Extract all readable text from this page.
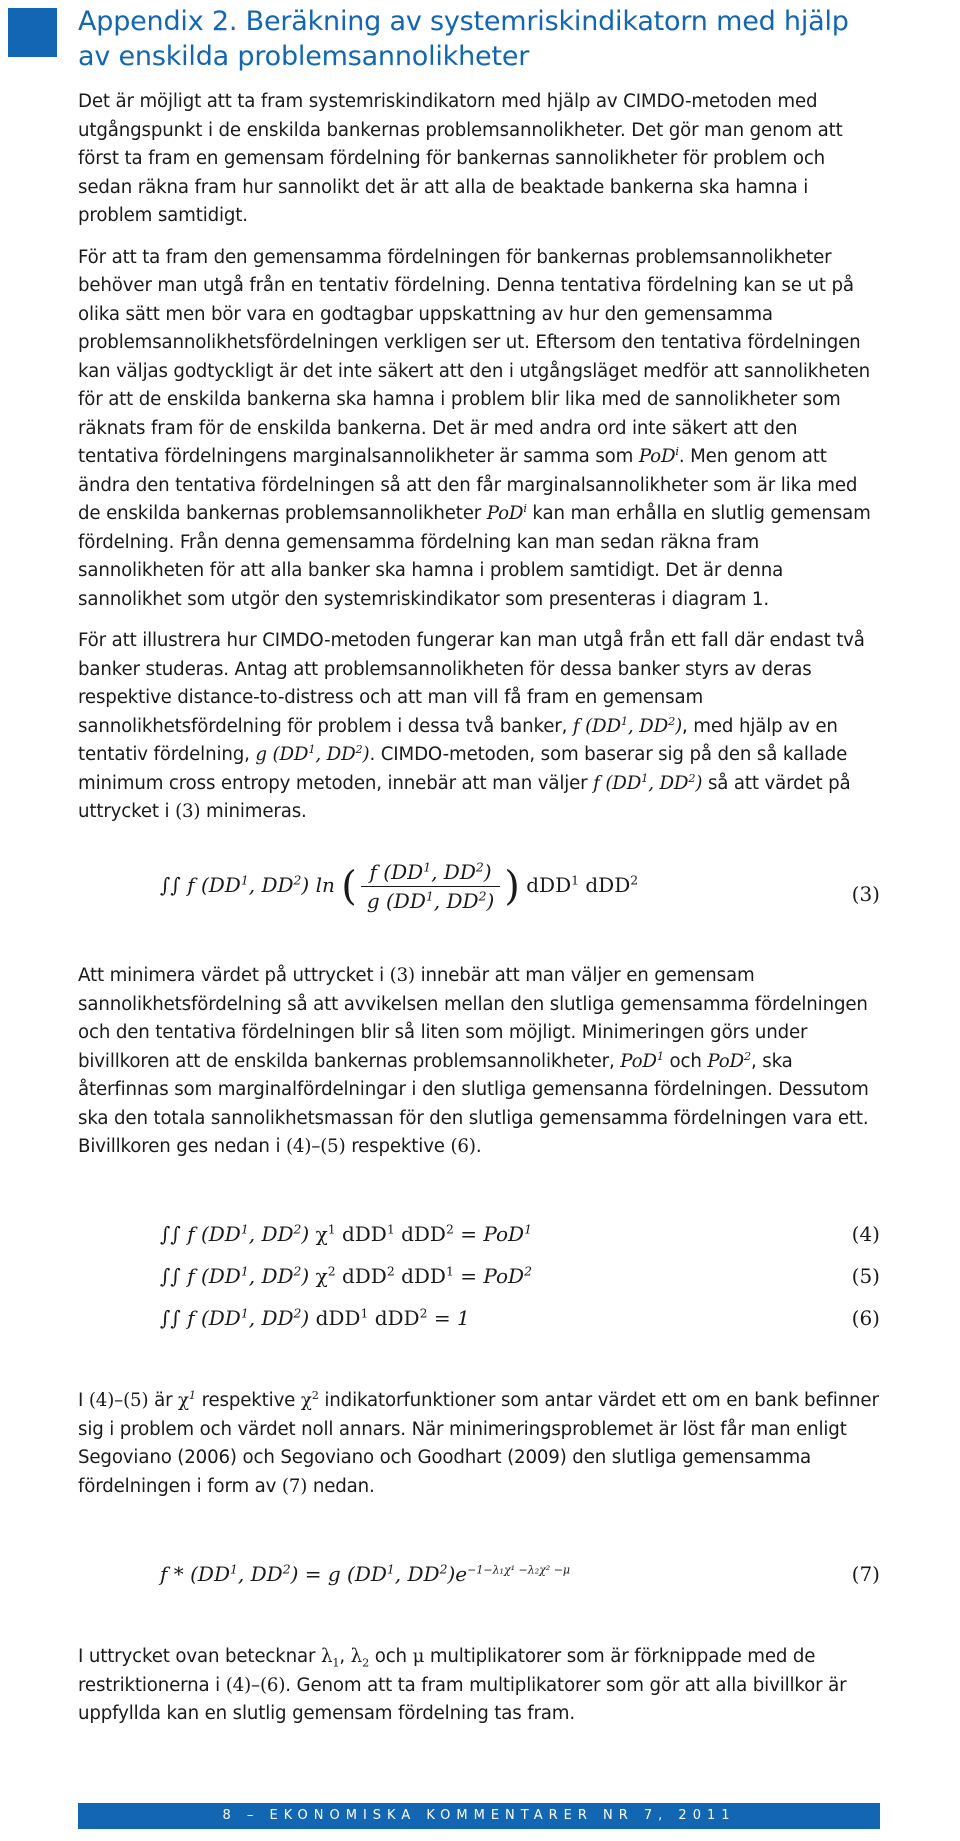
Appendix 2. Beräkning av systemriskindikatorn med hjälp av enskilda problemsannolikheter

Det är möjligt att ta fram systemriskindikatorn med hjälp av CIMDO-metoden med utgångspunkt i de enskilda bankernas problemsannolikheter. Det gör man genom att först ta fram en gemensam fördelning för bankernas sannolikheter för problem och sedan räkna fram hur sannolikt det är att alla de beaktade bankerna ska hamna i problem samtidigt.

För att ta fram den gemensamma fördelningen för bankernas problemsannolikheter behöver man utgå från en tentativ fördelning. Denna tentativa fördelning kan se ut på olika sätt men bör vara en godtagbar uppskattning av hur den gemensamma problemsannolikhetsfördelningen verkligen ser ut. Eftersom den tentativa fördelningen kan väljas godtyckligt är det inte säkert att den i utgångsläget medför att sannolikheten för att de enskilda bankerna ska hamna i problem blir lika med de sannolikheter som räknats fram för de enskilda bankerna. Det är med andra ord inte säkert att den tentativa fördelningens marginalsannolikheter är samma som PoD$^i$. Men genom att ändra den tentativa fördelningen så att den får marginalsannolikheter som är lika med de enskilda bankernas problemsannolikheter PoD$^i$ kan man erhålla en slutlig gemensam fördelning. Från denna gemensamma fördelning kan man sedan räkna fram sannolikheten för att alla banker ska hamna i problem samtidigt. Det är denna sannolikhet som utgör den systemriskindikator som presenteras i diagram 1.

För att illustrera hur CIMDO-metoden fungerar kan man utgå från ett fall där endast två banker studeras. Antag att problemsannolikheten för dessa banker styrs av deras respektive distance-to-distress och att man vill få fram en gemensam sannolikhetsfördelning för problem i dessa två banker, f ($DD^1$, $DD^2$), med hjälp av en tentativ fördelning, g ($DD^1$, $DD^2$). CIMDO-metoden, som baserar sig på den så kallade minimum cross entropy metoden, innebär att man väljer f ($DD^1$, $DD^2$) så att värdet på uttrycket i (3) minimeras.

∫∫ f ($DD^1$, $DD^2$) ln ( $\frac{f (DD^1, DD^2)}{g (DD^1, DD^2)}$ ) dDD$^1$ dDD$^2$
(3)

Att minimera värdet på uttrycket i (3) innebär att man väljer en gemensam sannolikhetsfördelning så att avvikelsen mellan den slutliga gemensamma fördelningen och den tentativa fördelningen blir så liten som möjligt. Minimeringen görs under bivillkoren att de enskilda bankernas problemsannolikheter, PoD$^1$ och PoD$^2$, ska återfinnas som marginalfördelningar i den slutliga gemensanna fördelningen. Dessutom ska den totala sannolikhetsmassan för den slutliga gemensamma fördelningen vara ett. Bivillkoren ges nedan i (4)–(5) respektive (6).

∫∫ f ($DD^1$, $DD^2$) $\chi^1$ dDD$^1$ dDD$^2$ = PoD$^1$	(4)
∫∫ f ($DD^1$, $DD^2$) $\chi^2$ dDD$^2$ dDD$^1$ = PoD$^2$	(5)
∫∫ f ($DD^1$, $DD^2$) dDD$^1$ dDD$^2$ = 1	(6)

I (4)–(5) är $\chi^1$ respektive $\chi^2$ indikatorfunktioner som antar värdet ett om en bank befinner sig i problem och värdet noll annars. När minimeringsproblemet är löst får man enligt Segoviano (2006) och Segoviano och Goodhart (2009) den slutliga gemensamma fördelningen i form av (7) nedan.

f * ($DD^1$, $DD^2) = g$ ($DD^1$, $DD^2)e^{-1-\lambda_1\chi^1 -\lambda_2\chi^2 -\mu}$	(7)

I uttrycket ovan betecknar $\lambda_1$, $\lambda_2$ och μ multiplikatorer som är förknippade med de restriktionerna i (4)–(6). Genom att ta fram multiplikatorer som gör att alla bivillkor är uppfyllda kan en slutlig gemensam fördelning tas fram.

8 – EKONOMISKA KOMMENTARER NR 7, 2011
